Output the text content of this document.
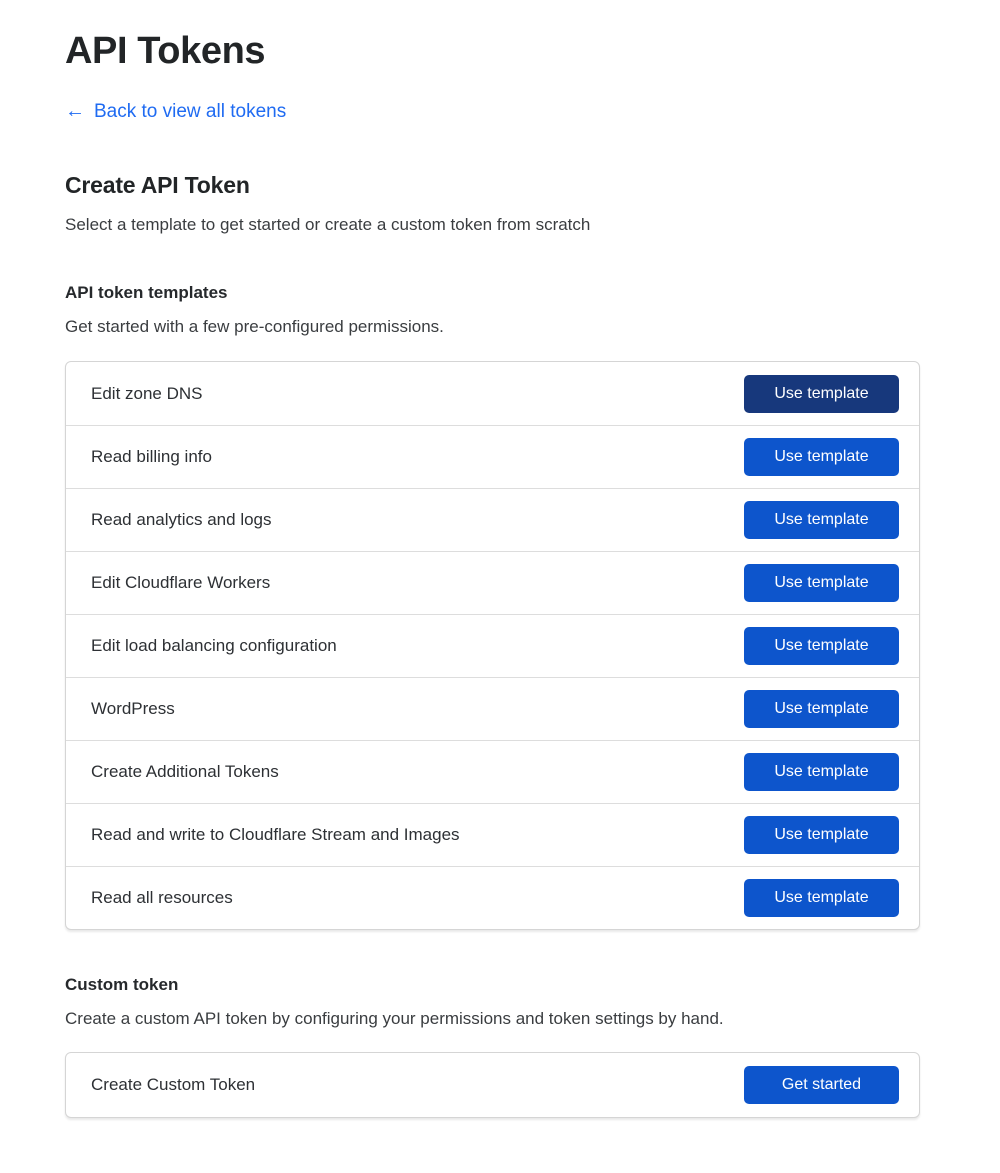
API Tokens
← Back to view all tokens
Create API Token

Select a template to get started or create a custom token from scratch

API token templates

Get started with a few pre-configured permissions.

Edit zone DNS	Use template
Read billing info	Use template
Read analytics and logs	Use template
Edit Cloudflare Workers	Use template
Edit load balancing configuration	Use template
WordPress	Use template
Create Additional Tokens	Use template
Read and write to Cloudflare Stream and Images	Use template
Read all resources	Use template
Custom token

Create a custom API token by configuring your permissions and token settings by hand.

Create Custom Token	Get started
